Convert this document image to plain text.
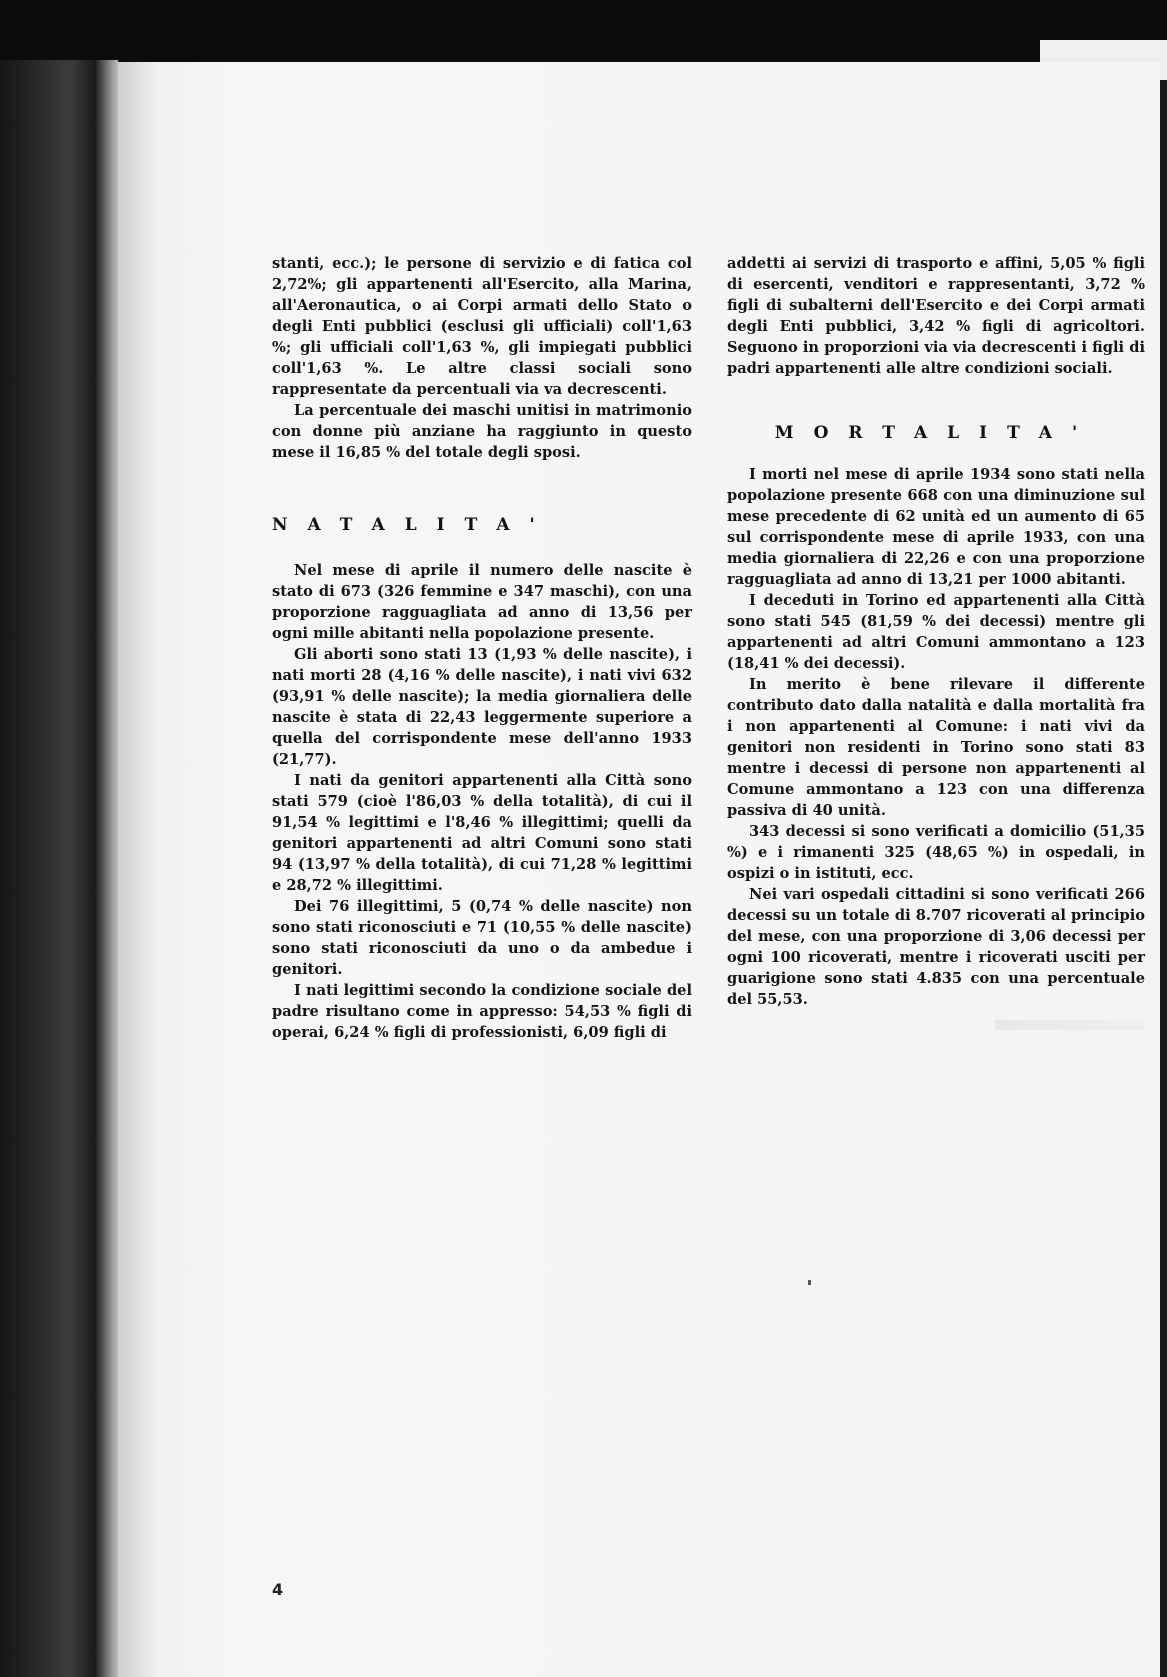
stanti, ecc.); le persone di servizio e di fatica col 2,72%; gli appartenenti all'Esercito, alla Marina, all'Aeronautica, o ai Corpi armati dello Stato o degli Enti pubblici (esclusi gli ufficiali) coll'1,63 %; gli ufficiali coll'1,63 %, gli impiegati pubblici coll'1,63 %. Le altre classi sociali sono rappresentate da percentuali via va decrescenti.

La percentuale dei maschi unitisi in matrimonio con donne più anziane ha raggiunto in questo mese il 16,85 % del totale degli sposi.

NATALITA'

Nel mese di aprile il numero delle nascite è stato di 673 (326 femmine e 347 maschi), con una proporzione ragguagliata ad anno di 13,56 per ogni mille abitanti nella popolazione presente.

Gli aborti sono stati 13 (1,93 % delle nascite), i nati morti 28 (4,16 % delle nascite), i nati vivi 632 (93,91 % delle nascite); la media giornaliera delle nascite è stata di 22,43 leggermente superiore a quella del corrispondente mese dell'anno 1933 (21,77).

I nati da genitori appartenenti alla Città sono stati 579 (cioè l'86,03 % della totalità), di cui il 91,54 % legittimi e l'8,46 % illegittimi; quelli da genitori appartenenti ad altri Comuni sono stati 94 (13,97 % della totalità), di cui 71,28 % legittimi e 28,72 % illegittimi.

Dei 76 illegittimi, 5 (0,74 % delle nascite) non sono stati riconosciuti e 71 (10,55 % delle nascite) sono stati riconosciuti da uno o da ambedue i genitori.

I nati legittimi secondo la condizione sociale del padre risultano come in appresso: 54,53 % figli di operai, 6,24 % figli di professionisti, 6,09 figli di

addetti ai servizi di trasporto e affini, 5,05 % figli di esercenti, venditori e rappresentanti, 3,72 % figli di subalterni dell'Esercito e dei Corpi armati degli Enti pubblici, 3,42 % figli di agricoltori. Seguono in proporzioni via via decrescenti i figli di padri appartenenti alle altre condizioni sociali.

MORTALITA'

I morti nel mese di aprile 1934 sono stati nella popolazione presente 668 con una diminuzione sul mese precedente di 62 unità ed un aumento di 65 sul corrispondente mese di aprile 1933, con una media giornaliera di 22,26 e con una proporzione ragguagliata ad anno di 13,21 per 1000 abitanti.

I deceduti in Torino ed appartenenti alla Città sono stati 545 (81,59 % dei decessi) mentre gli appartenenti ad altri Comuni ammontano a 123 (18,41 % dei decessi).

In merito è bene rilevare il differente contributo dato dalla natalità e dalla mortalità fra i non appartenenti al Comune: i nati vivi da genitori non residenti in Torino sono stati 83 mentre i decessi di persone non appartenenti al Comune ammontano a 123 con una differenza passiva di 40 unità.

343 decessi si sono verificati a domicilio (51,35 %) e i rimanenti 325 (48,65 %) in ospedali, in ospizi o in istituti, ecc.

Nei vari ospedali cittadini si sono verificati 266 decessi su un totale di 8.707 ricoverati al principio del mese, con una proporzione di 3,06 decessi per ogni 100 ricoverati, mentre i ricoverati usciti per guarigione sono stati 4.835 con una percentuale del 55,53.

4
